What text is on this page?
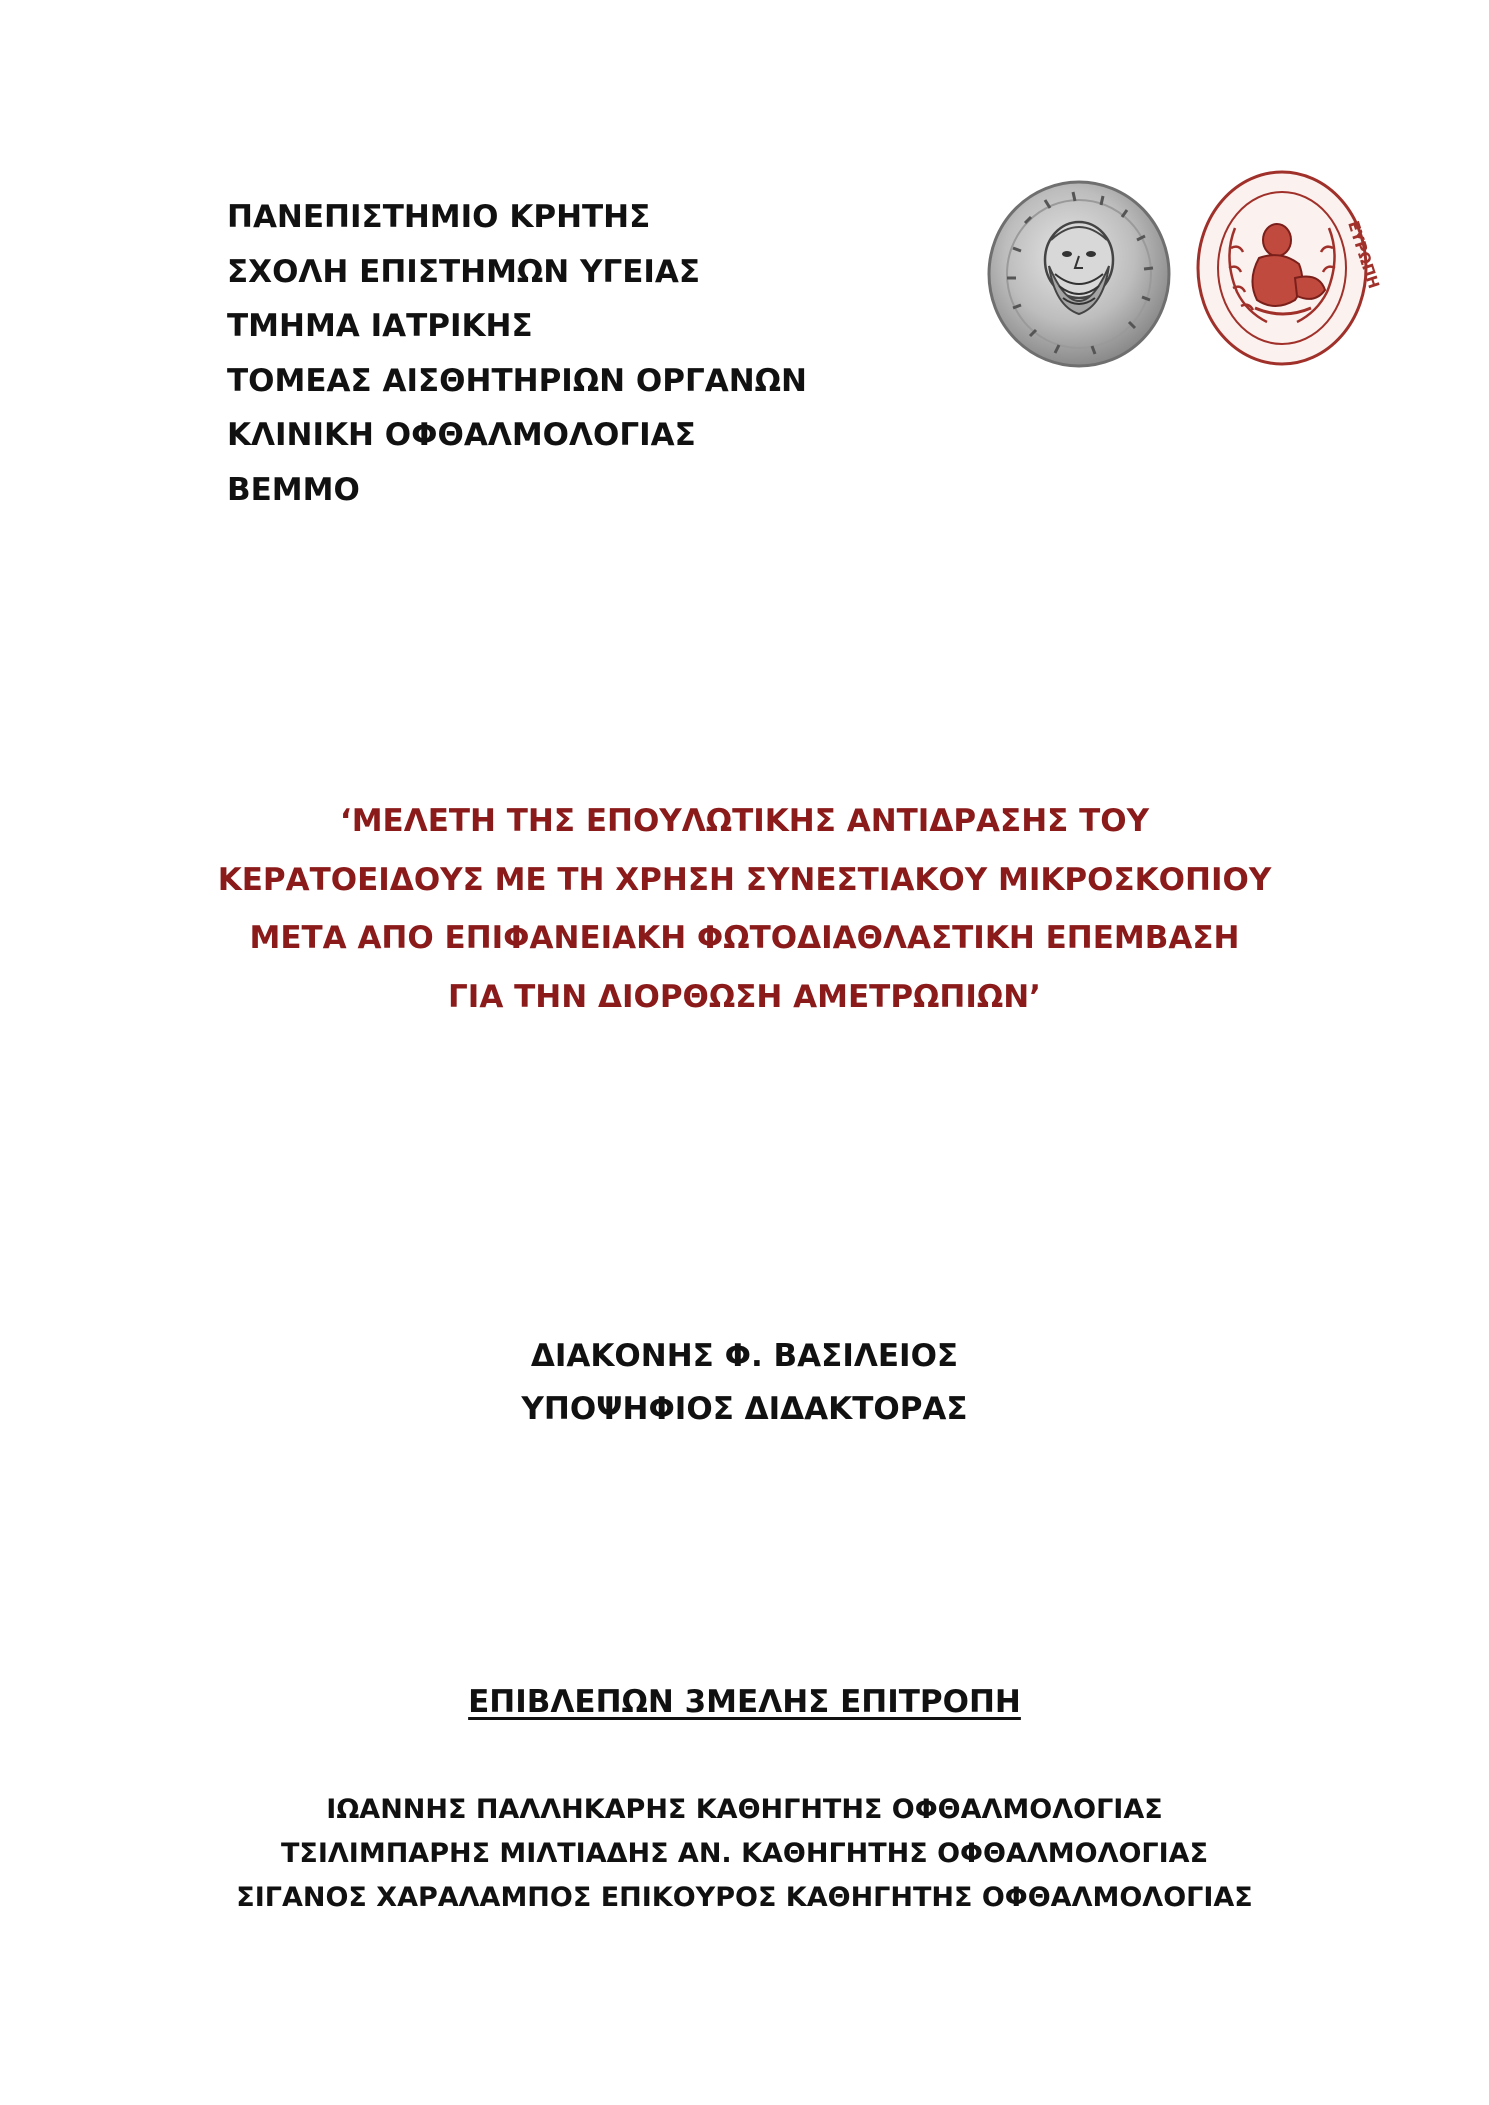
ΠΑΝΕΠΙΣΤΗΜΙΟ ΚΡΗΤΗΣ
ΣΧΟΛΗ ΕΠΙΣΤΗΜΩΝ ΥΓΕΙΑΣ
ΤΜΗΜΑ ΙΑΤΡΙΚΗΣ
ΤΟΜΕΑΣ ΑΙΣΘΗΤΗΡΙΩΝ ΟΡΓΑΝΩΝ
ΚΛΙΝΙΚΗ ΟΦΘΑΛΜΟΛΟΓΙΑΣ
ΒΕΜΜΟ
ΕΥΡΩΠΗ
‘ΜΕΛΕΤΗ ΤΗΣ ΕΠΟΥΛΩΤΙΚΗΣ ΑΝΤΙΔΡΑΣΗΣ ΤΟΥ
ΚΕΡΑΤΟΕΙΔΟΥΣ ΜΕ ΤΗ ΧΡΗΣΗ ΣΥΝΕΣΤΙΑΚΟΥ ΜΙΚΡΟΣΚΟΠΙΟΥ
ΜΕΤΑ ΑΠΟ ΕΠΙΦΑΝΕΙΑΚΗ ΦΩΤΟΔΙΑΘΛΑΣΤΙΚΗ ΕΠΕΜΒΑΣΗ
ΓΙΑ ΤΗΝ ΔΙΟΡΘΩΣΗ ΑΜΕΤΡΩΠΙΩΝ’
ΔΙΑΚΟΝΗΣ Φ. ΒΑΣΙΛΕΙΟΣ
ΥΠΟΨΗΦΙΟΣ ΔΙΔΑΚΤΟΡΑΣ
ΕΠΙΒΛΕΠΩΝ 3ΜΕΛΗΣ ΕΠΙΤΡΟΠΗ
ΙΩΑΝΝΗΣ ΠΑΛΛΗΚΑΡΗΣ ΚΑΘΗΓΗΤΗΣ ΟΦΘΑΛΜΟΛΟΓΙΑΣ
ΤΣΙΛΙΜΠΑΡΗΣ ΜΙΛΤΙΑΔΗΣ ΑΝ. ΚΑΘΗΓΗΤΗΣ ΟΦΘΑΛΜΟΛΟΓΙΑΣ
ΣΙΓΑΝΟΣ ΧΑΡΑΛΑΜΠΟΣ ΕΠΙΚΟΥΡΟΣ ΚΑΘΗΓΗΤΗΣ ΟΦΘΑΛΜΟΛΟΓΙΑΣ
